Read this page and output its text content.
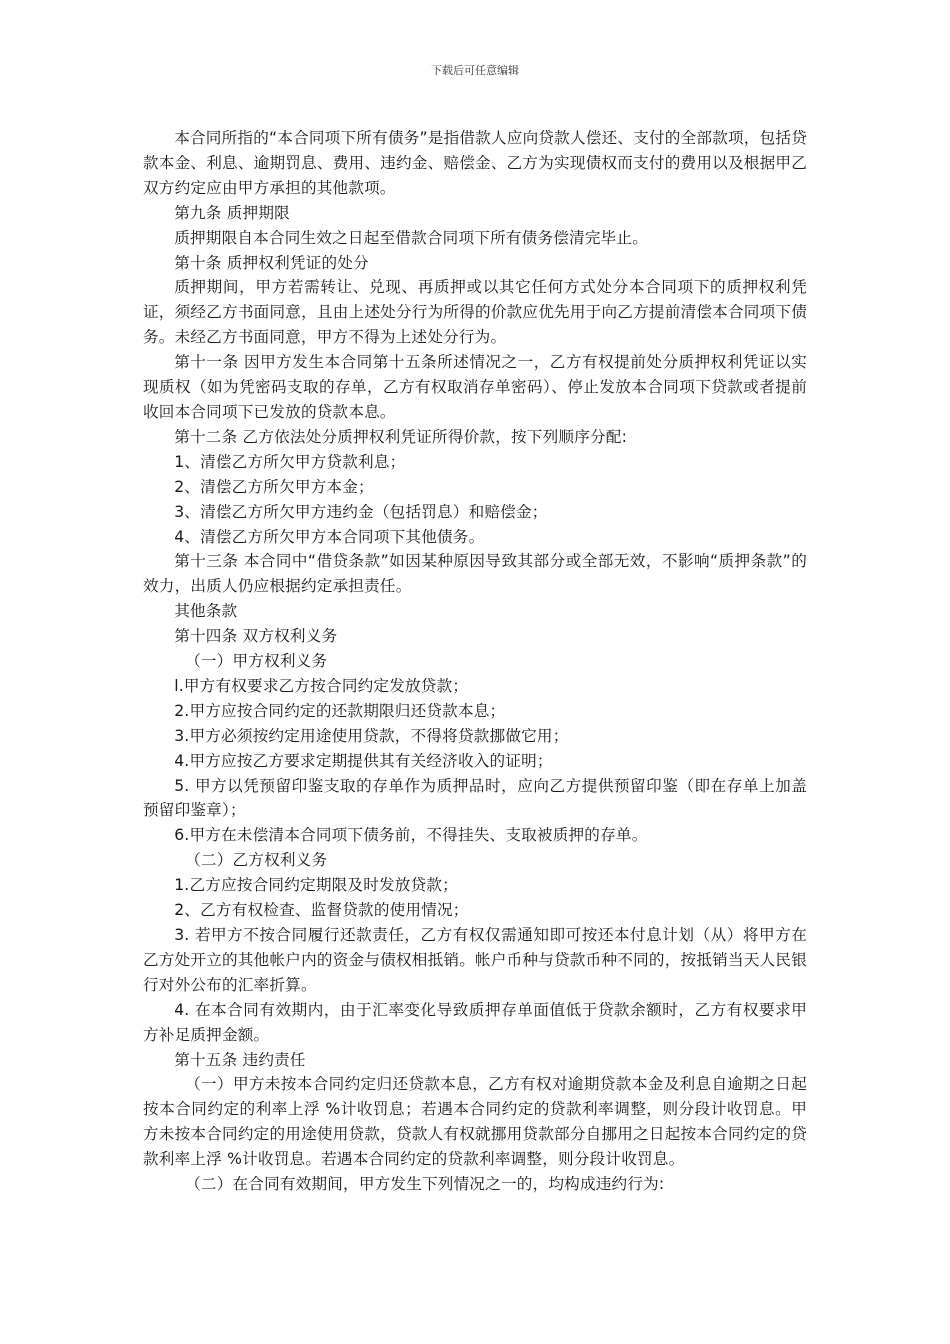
下载后可任意编辑

本合同所指的“本合同项下所有债务”是指借款人应向贷款人偿还、支付的全部款项，包括贷款本金、利息、逾期罚息、费用、违约金、赔偿金、乙方为实现债权而支付的费用以及根据甲乙双方约定应由甲方承担的其他款项。

第九条 质押期限

质押期限自本合同生效之日起至借款合同项下所有债务偿清完毕止。

第十条 质押权利凭证的处分

质押期间，甲方若需转让、兑现、再质押或以其它任何方式处分本合同项下的质押权利凭证，须经乙方书面同意，且由上述处分行为所得的价款应优先用于向乙方提前清偿本合同项下债务。未经乙方书面同意，甲方不得为上述处分行为。

第十一条 因甲方发生本合同第十五条所述情况之一，乙方有权提前处分质押权利凭证以实现质权（如为凭密码支取的存单，乙方有权取消存单密码）、停止发放本合同项下贷款或者提前收回本合同项下已发放的贷款本息。

第十二条 乙方依法处分质押权利凭证所得价款，按下列顺序分配:

1、清偿乙方所欠甲方贷款利息；

2、清偿乙方所欠甲方本金；

3、清偿乙方所欠甲方违约金（包括罚息）和赔偿金；

4、清偿乙方所欠甲方本合同项下其他债务。

第十三条 本合同中“借贷条款”如因某种原因导致其部分或全部无效，不影响“质押条款”的效力，出质人仍应根据约定承担责任。

其他条款

第十四条 双方权利义务

（一）甲方权利义务

l.甲方有权要求乙方按合同约定发放贷款；

2.甲方应按合同约定的还款期限归还贷款本息；

3.甲方必须按约定用途使用贷款，不得将贷款挪做它用；

4.甲方应按乙方要求定期提供其有关经济收入的证明；

5. 甲方以凭预留印鉴支取的存单作为质押品时，应向乙方提供预留印鉴（即在存单上加盖预留印鉴章）；

6.甲方在未偿清本合同项下债务前，不得挂失、支取被质押的存单。

（二）乙方权利义务

1.乙方应按合同约定期限及时发放贷款；

2、乙方有权检查、监督贷款的使用情况；

3. 若甲方不按合同履行还款责任，乙方有权仅需通知即可按还本付息计划（从）将甲方在乙方处开立的其他帐户内的资金与债权相抵销。帐户币种与贷款币种不同的，按抵销当天人民银行对外公布的汇率折算。

4. 在本合同有效期内，由于汇率变化导致质押存单面值低于贷款余额时，乙方有权要求甲方补足质押金额。

第十五条 违约责任

（一）甲方未按本合同约定归还贷款本息，乙方有权对逾期贷款本金及利息自逾期之日起按本合同约定的利率上浮 %计收罚息；若遇本合同约定的贷款利率调整，则分段计收罚息。甲方未按本合同约定的用途使用贷款，贷款人有权就挪用贷款部分自挪用之日起按本合同约定的贷款利率上浮 %计收罚息。若遇本合同约定的贷款利率调整，则分段计收罚息。

（二）在合同有效期间，甲方发生下列情况之一的，均构成违约行为:
